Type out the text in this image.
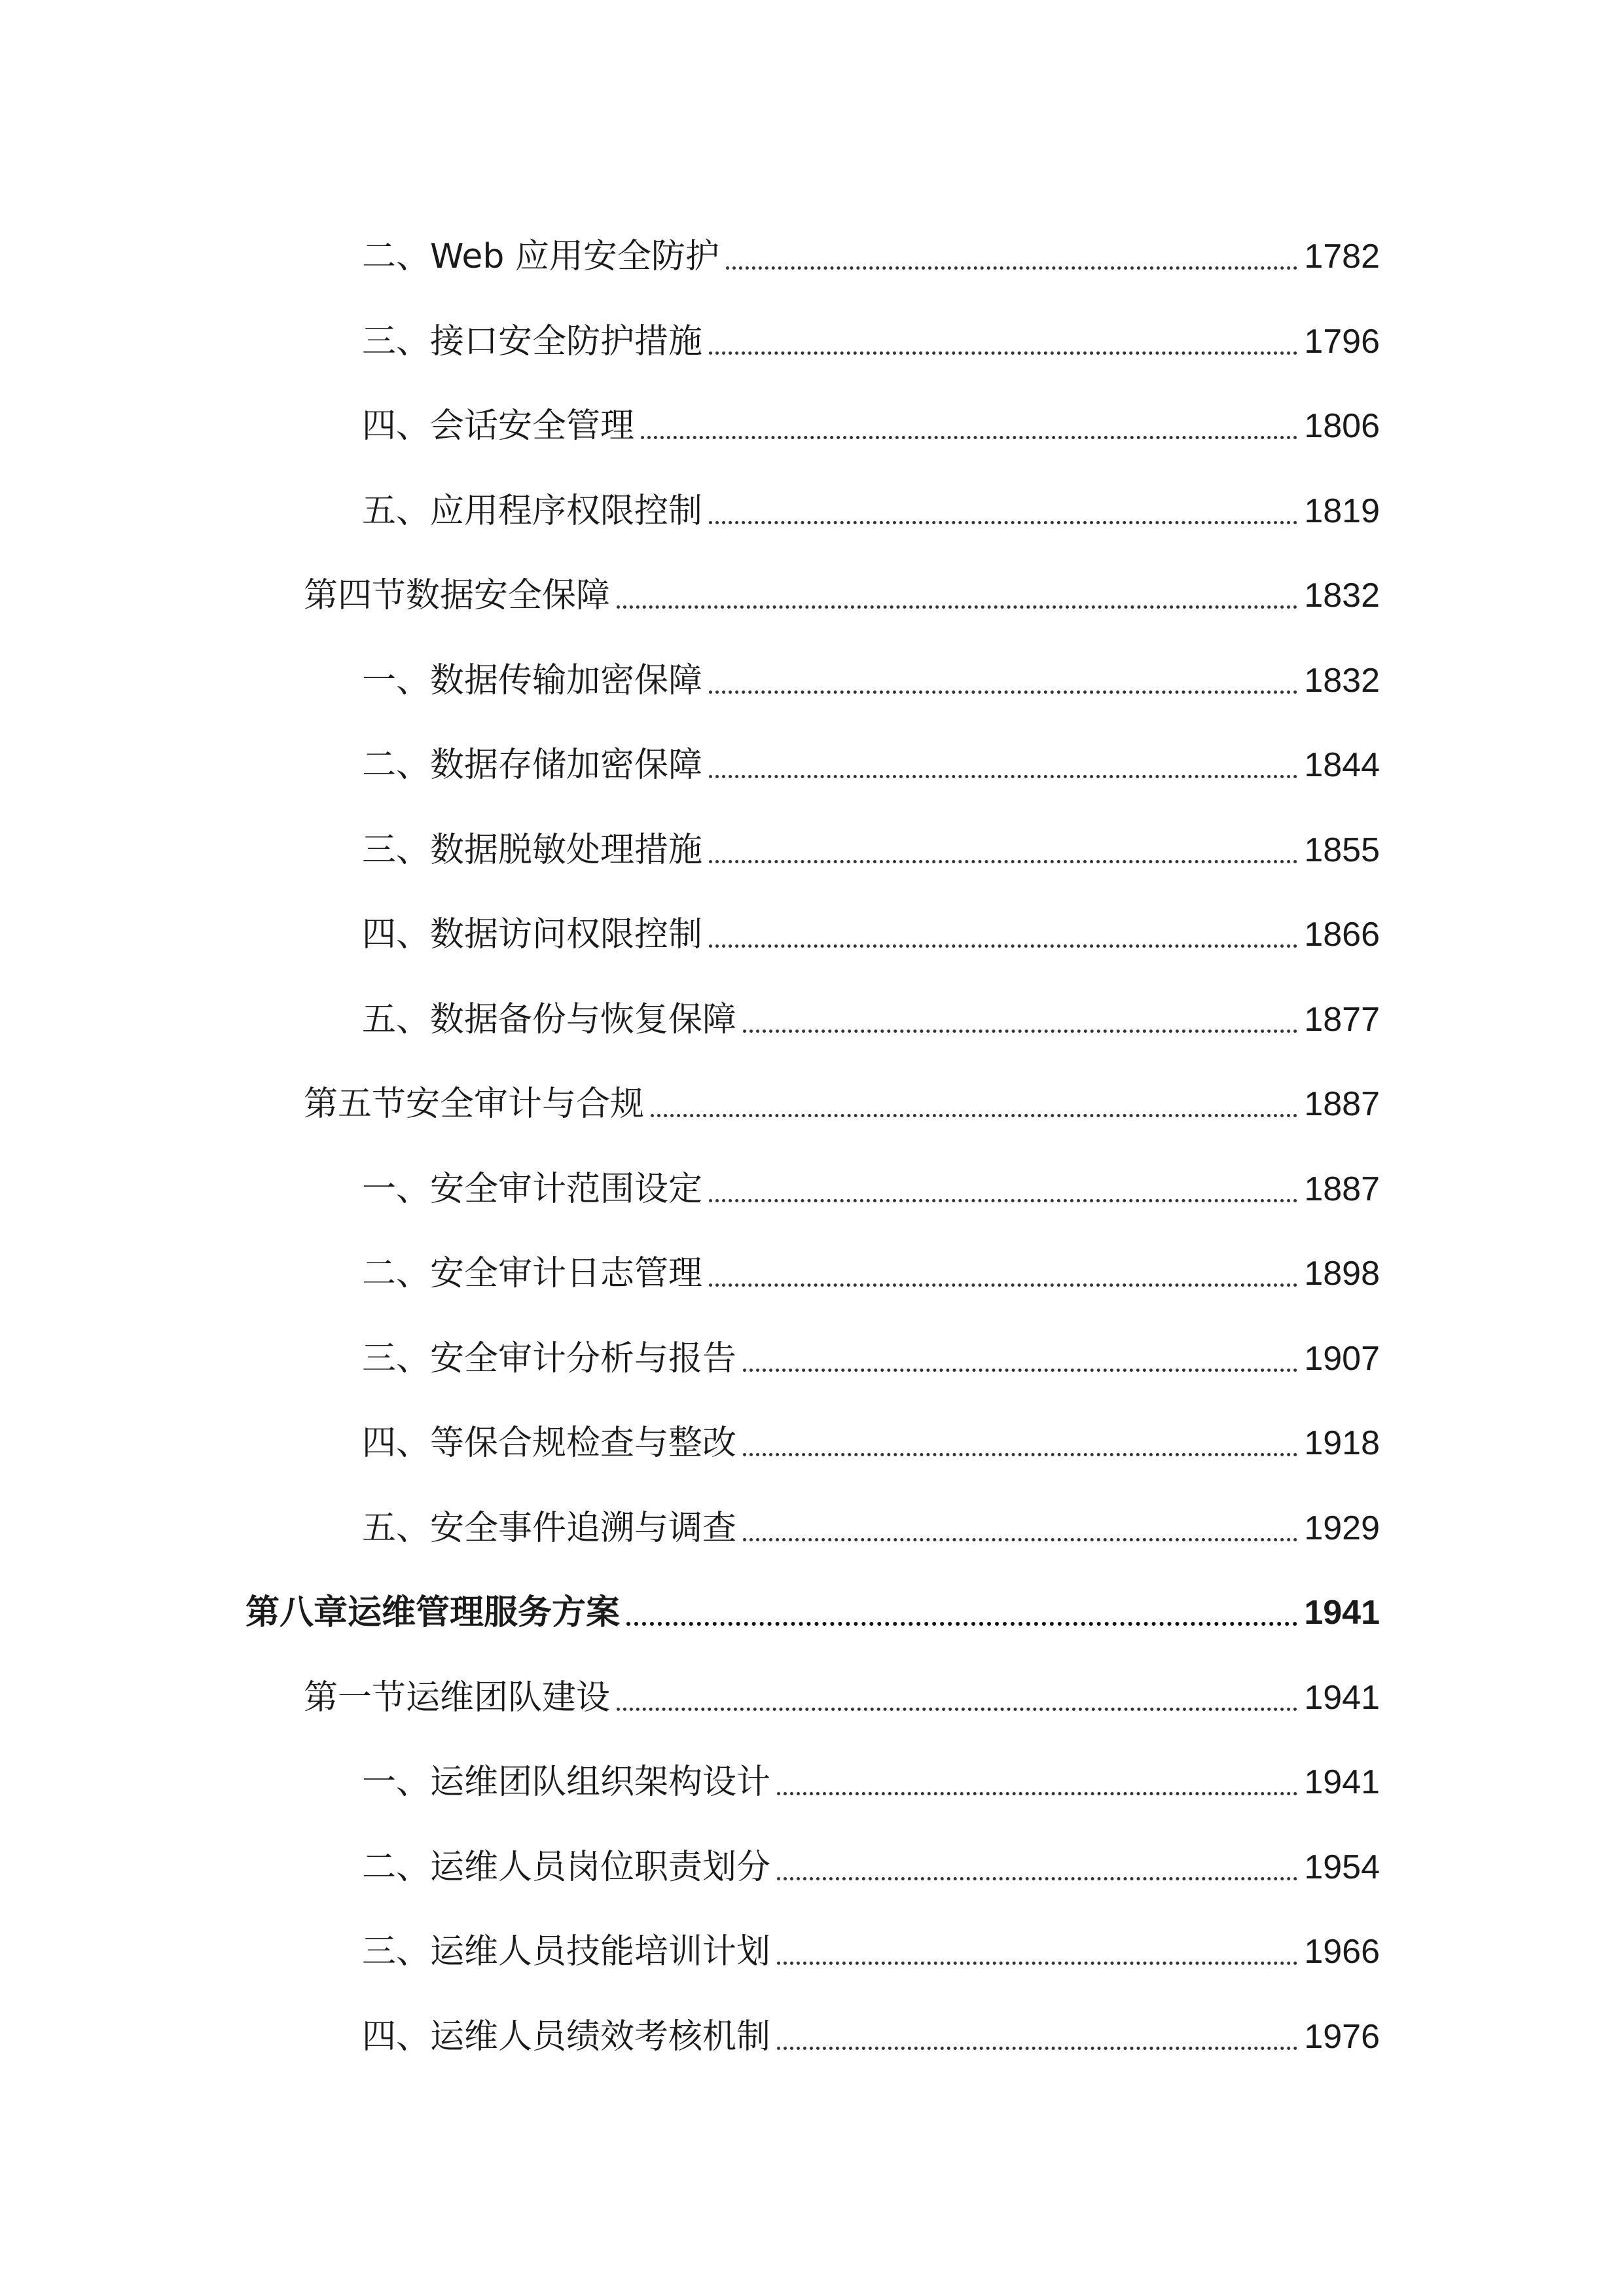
二、Web 应用安全防护	1782
三、接口安全防护措施	1796
四、会话安全管理	1806
五、应用程序权限控制	1819
第四节数据安全保障	1832
一、数据传输加密保障	1832
二、数据存储加密保障	1844
三、数据脱敏处理措施	1855
四、数据访问权限控制	1866
五、数据备份与恢复保障	1877
第五节安全审计与合规	1887
一、安全审计范围设定	1887
二、安全审计日志管理	1898
三、安全审计分析与报告	1907
四、等保合规检查与整改	1918
五、安全事件追溯与调查	1929
第八章运维管理服务方案	1941
第一节运维团队建设	1941
一、运维团队组织架构设计	1941
二、运维人员岗位职责划分	1954
三、运维人员技能培训计划	1966
四、运维人员绩效考核机制	1976
